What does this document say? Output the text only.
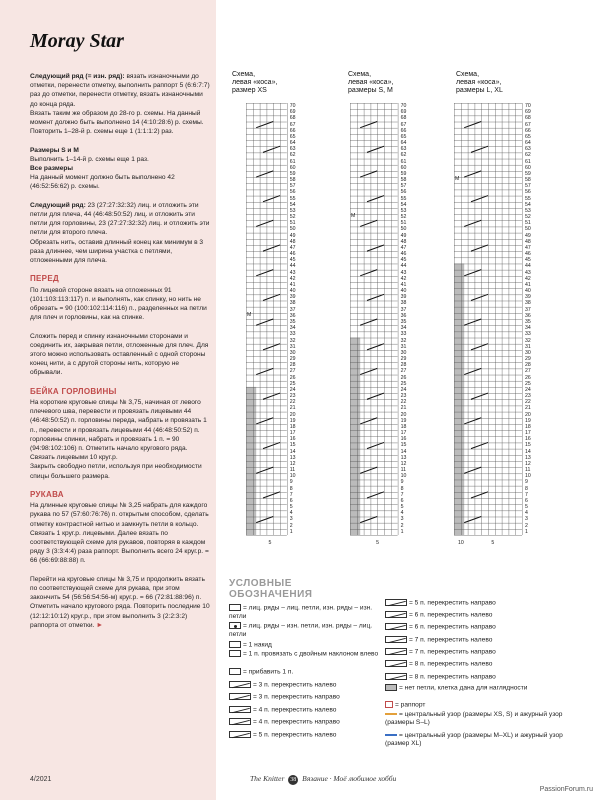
Moray Star

Следующий ряд (= изн. ряд): вязать изнаночными до отметки, перенести отметку, выполнить раппорт 5 (6:6:7:7) раз до отметки, перенести отметку, вязать изнаночными до конца ряда.
Вязать таким же образом до 28-го р. схемы. На данный момент должно быть выполнено 14 (4:10:28:6) р. схемы.
Повторить 1–28-й р. схемы еще 1 (1:1:1:2) раз.

Размеры S и M
Выполнить 1–14-й р. схемы еще 1 раз.
Все размеры
На данный момент должно быть выполнено 42 (46:52:56:62) р. схемы.

Следующий ряд: 23 (27:27:32:32) лиц. и отложить эти петли для плеча, 44 (46:48:50:52) лиц. и отложить эти петли для горловины, 23 (27:27:32:32) лиц. и отложить эти петли для второго плеча.
Обрезать нить, оставив длинный конец как минимум в 3 раза длиннее, чем ширина участка с петлями, отложенными для плеча.

ПЕРЕД

По лицевой стороне вязать на отложенных 91 (101:103:113:117) п. и выполнять, как спинку, но нить не обрезать = 90 (100:102:114:116) п., разделенных на петли для плеч и горловины, как на спинке.

Сложить перед и спинку изнаночными сторонами и соединить их, закрывая петли, отложенные для плеч. Для этого можно использовать оставленный с одной стороны конец нити, а с другой стороны нить, которую не обрывали.

БЕЙКА ГОРЛОВИНЫ

На короткие круговые спицы № 3,75, начиная от левого плечевого шва, перевести и провязать лицевыми 44 (46:48:50:52) п. горловины переда, набрать и провязать 1 п., перевести и провязать лицевыми 44 (46:48:50:52) п. горловины спинки, набрать и провязать 1 п. = 90 (94:98:102:106) п. Отметить начало кругового ряда.
Связать лицевыми 10 круг.р.
Закрыть свободно петли, используя при необходимости спицы большего размера.

РУКАВА

На длинные круговые спицы № 3,25 набрать для каждого рукава по 57 (57:60:76:76) п. открытым способом, сделать отметку контрастной нитью и замкнуть петли в кольцо. Связать 1 круг.р. лицевыми. Далее вязать по соответствующей схеме для рукавов, повторяя в каждом ряду 3 (3:3:4:4) раза раппорт. Выполнить всего 24 круг.р. = 66 (66:69:88:88) п.

Перейти на круговые спицы № 3,75 и продолжить вязать по соответствующей схеме для рукава, при этом закончить 54 (56:56:54:56-м) круг.р. = 66 (72:81:88:96) п. Отметить начало кругового ряда. Повторить последние 10 (12:12:10:12) круг.р., при этом выполнить 3 (2:2:3:2) раппорта от отметки. ►

Схема,
левая «коса»,
размер XS
M
1
2
3
4
5
6
7
8
9
10
11
12
13
14
15
16
17
18
19
20
21
22
23
24
25
26
27
28
29
30
31
32
33
34
35
36
37
38
39
40
41
42
43
44
45
46
47
48
49
50
51
52
53
54
55
56
57
58
59
60
61
62
63
64
65
66
67
68
69
70
5
Схема,
левая «коса»,
размеры S, M
M
1
2
3
4
5
6
7
8
9
10
11
12
13
14
15
16
17
18
19
20
21
22
23
24
25
26
27
28
29
30
31
32
33
34
35
36
37
38
39
40
41
42
43
44
45
46
47
48
49
50
51
52
53
54
55
56
57
58
59
60
61
62
63
64
65
66
67
68
69
70
5
Схема,
левая «коса»,
размеры L, XL
M
1
2
3
4
5
6
7
8
9
10
11
12
13
14
15
16
17
18
19
20
21
22
23
24
25
26
27
28
29
30
31
32
33
34
35
36
37
38
39
40
41
42
43
44
45
46
47
48
49
50
51
52
53
54
55
56
57
58
59
60
61
62
63
64
65
66
67
68
69
70
10	5
УСЛОВНЫЕ
ОБОЗНАЧЕНИЯ
= лиц. ряды – лиц. петли, изн. ряды – изн. петли
= лиц. ряды – изн. петли, изн. ряды – лиц. петли
= 1 накид
= 1 п. провязать с двойным наклоном влево
= прибавить 1 п.
= 3 п. перекрестить налево
= 3 п. перекрестить направо
= 4 п. перекрестить налево
= 4 п. перекрестить направо
= 5 п. перекрестить налево
= 5 п. перекрестить направо
= 6 п. перекрестить налево
= 6 п. перекрестить направо
= 7 п. перекрестить налево
= 7 п. перекрестить направо
= 8 п. перекрестить налево
= 8 п. перекрестить направо
= нет петли, клетка дана для наглядности
= раппорт
= центральный узор (размеры XS, S) и ажурный узор (размеры S–L)
= центральный узор (размеры M–XL) и ажурный узор (размер XL)
4/2021	The Knitter 38 Вязание · Моё любимое хобби
PassionForum.ru
